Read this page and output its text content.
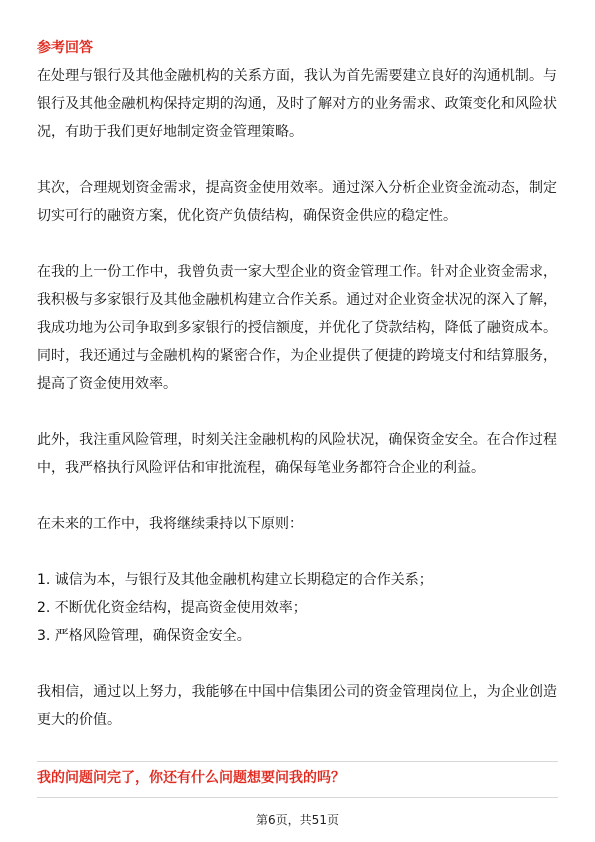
参考回答

在处理与银行及其他金融机构的关系方面，我认为首先需要建立良好的沟通机制。与银行及其他金融机构保持定期的沟通，及时了解对方的业务需求、政策变化和风险状况，有助于我们更好地制定资金管理策略。

其次，合理规划资金需求，提高资金使用效率。通过深入分析企业资金流动态，制定切实可行的融资方案，优化资产负债结构，确保资金供应的稳定性。

在我的上一份工作中，我曾负责一家大型企业的资金管理工作。针对企业资金需求，我积极与多家银行及其他金融机构建立合作关系。通过对企业资金状况的深入了解，我成功地为公司争取到多家银行的授信额度，并优化了贷款结构，降低了融资成本。同时，我还通过与金融机构的紧密合作，为企业提供了便捷的跨境支付和结算服务，提高了资金使用效率。

此外，我注重风险管理，时刻关注金融机构的风险状况，确保资金安全。在合作过程中，我严格执行风险评估和审批流程，确保每笔业务都符合企业的利益。

在未来的工作中，我将继续秉持以下原则：

1. 诚信为本，与银行及其他金融机构建立长期稳定的合作关系；

2. 不断优化资金结构，提高资金使用效率；

3. 严格风险管理，确保资金安全。

我相信，通过以上努力，我能够在中国中信集团公司的资金管理岗位上，为企业创造更大的价值。

我的问题问完了，你还有什么问题想要问我的吗？

第6页，共51页
